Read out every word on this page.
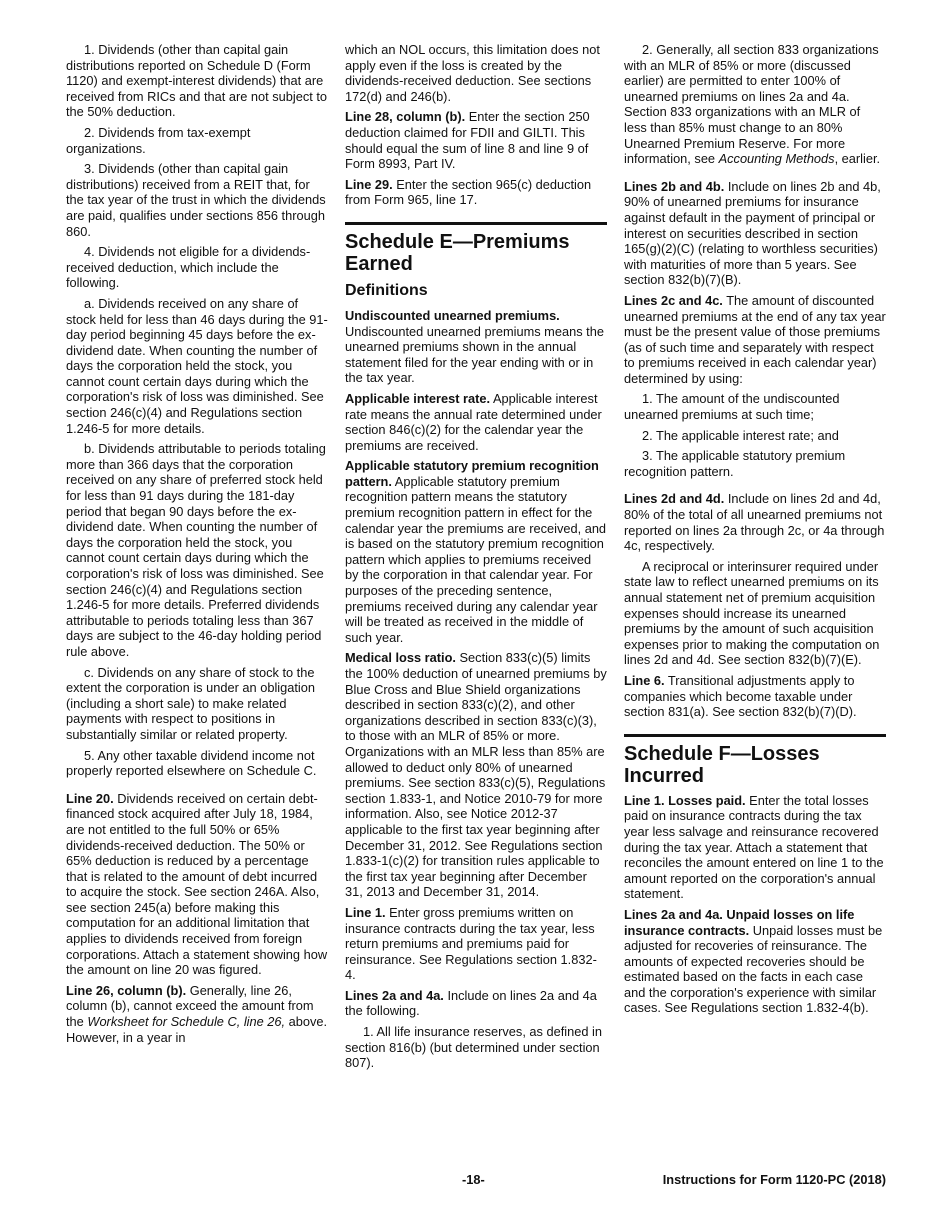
1. Dividends (other than capital gain distributions reported on Schedule D (Form 1120) and exempt-interest dividends) that are received from RICs and that are not subject to the 50% deduction.

2. Dividends from tax-exempt organizations.

3. Dividends (other than capital gain distributions) received from a REIT that, for the tax year of the trust in which the dividends are paid, qualifies under sections 856 through 860.

4. Dividends not eligible for a dividends-received deduction, which include the following.

a. Dividends received on any share of stock held for less than 46 days during the 91-day period beginning 45 days before the ex-dividend date. When counting the number of days the corporation held the stock, you cannot count certain days during which the corporation's risk of loss was diminished. See section 246(c)(4) and Regulations section 1.246-5 for more details.

b. Dividends attributable to periods totaling more than 366 days that the corporation received on any share of preferred stock held for less than 91 days during the 181-day period that began 90 days before the ex-dividend date. When counting the number of days the corporation held the stock, you cannot count certain days during which the corporation's risk of loss was diminished. See section 246(c)(4) and Regulations section 1.246-5 for more details. Preferred dividends attributable to periods totaling less than 367 days are subject to the 46-day holding period rule above.

c. Dividends on any share of stock to the extent the corporation is under an obligation (including a short sale) to make related payments with respect to positions in substantially similar or related property.

5. Any other taxable dividend income not properly reported elsewhere on Schedule C.

Line 20. Dividends received on certain debt-financed stock acquired after July 18, 1984, are not entitled to the full 50% or 65% dividends-received deduction. The 50% or 65% deduction is reduced by a percentage that is related to the amount of debt incurred to acquire the stock. See section 246A. Also, see section 245(a) before making this computation for an additional limitation that applies to dividends received from foreign corporations. Attach a statement showing how the amount on line 20 was figured.

Line 26, column (b). Generally, line 26, column (b), cannot exceed the amount from the Worksheet for Schedule C, line 26, above. However, in a year in

which an NOL occurs, this limitation does not apply even if the loss is created by the dividends-received deduction. See sections 172(d) and 246(b).

Line 28, column (b). Enter the section 250 deduction claimed for FDII and GILTI. This should equal the sum of line 8 and line 9 of Form 8993, Part IV.

Line 29. Enter the section 965(c) deduction from Form 965, line 17.

Schedule E—Premiums Earned
Definitions

Undiscounted unearned premiums. Undiscounted unearned premiums means the unearned premiums shown in the annual statement filed for the year ending with or in the tax year.

Applicable interest rate. Applicable interest rate means the annual rate determined under section 846(c)(2) for the calendar year the premiums are received.

Applicable statutory premium recognition pattern. Applicable statutory premium recognition pattern means the statutory premium recognition pattern in effect for the calendar year the premiums are received, and is based on the statutory premium recognition pattern which applies to premiums received by the corporation in that calendar year. For purposes of the preceding sentence, premiums received during any calendar year will be treated as received in the middle of such year.

Medical loss ratio. Section 833(c)(5) limits the 100% deduction of unearned premiums by Blue Cross and Blue Shield organizations described in section 833(c)(2), and other organizations described in section 833(c)(3), to those with an MLR of 85% or more. Organizations with an MLR less than 85% are allowed to deduct only 80% of unearned premiums. See section 833(c)(5), Regulations section 1.833-1, and Notice 2010-79 for more information. Also, see Notice 2012-37 applicable to the first tax year beginning after December 31, 2012. See Regulations section 1.833-1(c)(2) for transition rules applicable to the first tax year beginning after December 31, 2013 and December 31, 2014.

Line 1. Enter gross premiums written on insurance contracts during the tax year, less return premiums and premiums paid for reinsurance. See Regulations section 1.832-4.

Lines 2a and 4a. Include on lines 2a and 4a the following.

1. All life insurance reserves, as defined in section 816(b) (but determined under section 807).

2. Generally, all section 833 organizations with an MLR of 85% or more (discussed earlier) are permitted to enter 100% of unearned premiums on lines 2a and 4a. Section 833 organizations with an MLR of less than 85% must change to an 80% Unearned Premium Reserve. For more information, see Accounting Methods, earlier.

Lines 2b and 4b. Include on lines 2b and 4b, 90% of unearned premiums for insurance against default in the payment of principal or interest on securities described in section 165(g)(2)(C) (relating to worthless securities) with maturities of more than 5 years. See section 832(b)(7)(B).

Lines 2c and 4c. The amount of discounted unearned premiums at the end of any tax year must be the present value of those premiums (as of such time and separately with respect to premiums received in each calendar year) determined by using:

1. The amount of the undiscounted unearned premiums at such time;

2. The applicable interest rate; and

3. The applicable statutory premium recognition pattern.

Lines 2d and 4d. Include on lines 2d and 4d, 80% of the total of all unearned premiums not reported on lines 2a through 2c, or 4a through 4c, respectively.

A reciprocal or interinsurer required under state law to reflect unearned premiums on its annual statement net of premium acquisition expenses should increase its unearned premiums by the amount of such acquisition expenses prior to making the computation on lines 2d and 4d. See section 832(b)(7)(E).

Line 6. Transitional adjustments apply to companies which become taxable under section 831(a). See section 832(b)(7)(D).

Schedule F—Losses Incurred

Line 1. Losses paid. Enter the total losses paid on insurance contracts during the tax year less salvage and reinsurance recovered during the tax year. Attach a statement that reconciles the amount entered on line 1 to the amount reported on the corporation's annual statement.

Lines 2a and 4a. Unpaid losses on life insurance contracts. Unpaid losses must be adjusted for recoveries of reinsurance. The amounts of expected recoveries should be estimated based on the facts in each case and the corporation's experience with similar cases. See Regulations section 1.832-4(b).

-18-	Instructions for Form 1120-PC (2018)
